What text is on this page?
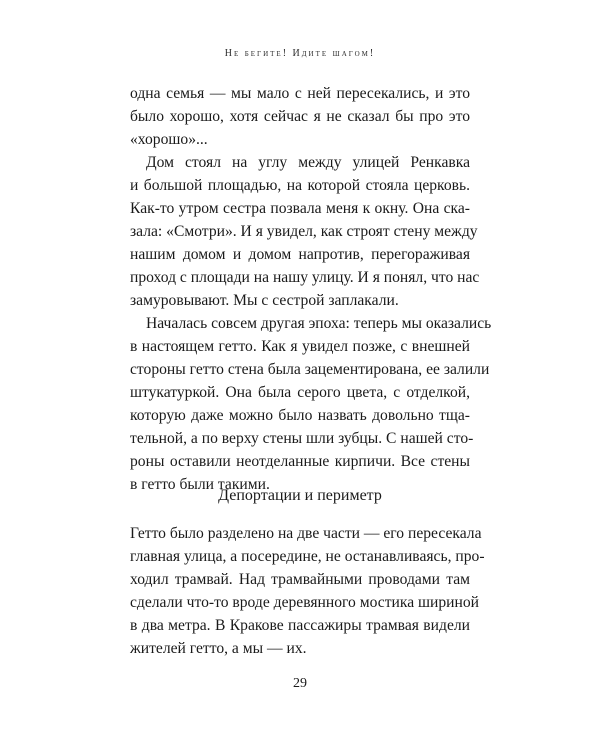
Не бегите! Идите шагом!
одна семья — мы мало с ней пересекались, и это
было хорошо, хотя сейчас я не сказал бы про это
«хорошо»...
Дом стоял на углу между улицей Ренкавка
и большой площадью, на которой стояла церковь.
Как-то утром сестра позвала меня к окну. Она ска-
зала: «Смотри». И я увидел, как строят стену между
нашим домом и домом напротив, перегораживая
проход с площади на нашу улицу. И я понял, что нас
замуровывают. Мы с сестрой заплакали.
Началась совсем другая эпоха: теперь мы оказались
в настоящем гетто. Как я увидел позже, с внешней
стороны гетто стена была зацементирована, ее залили
штукатуркой. Она была серого цвета, с отделкой,
которую даже можно было назвать довольно тща-
тельной, а по верху стены шли зубцы. С нашей сто-
роны оставили неотделанные кирпичи. Все стены
в гетто были такими.
Депортации и периметр
Гетто было разделено на две части — его пересекала
главная улица, а посередине, не останавливаясь, про-
ходил трамвай. Над трамвайными проводами там
сделали что-то вроде деревянного мостика шириной
в два метра. В Кракове пассажиры трамвая видели
жителей гетто, а мы — их.
29
